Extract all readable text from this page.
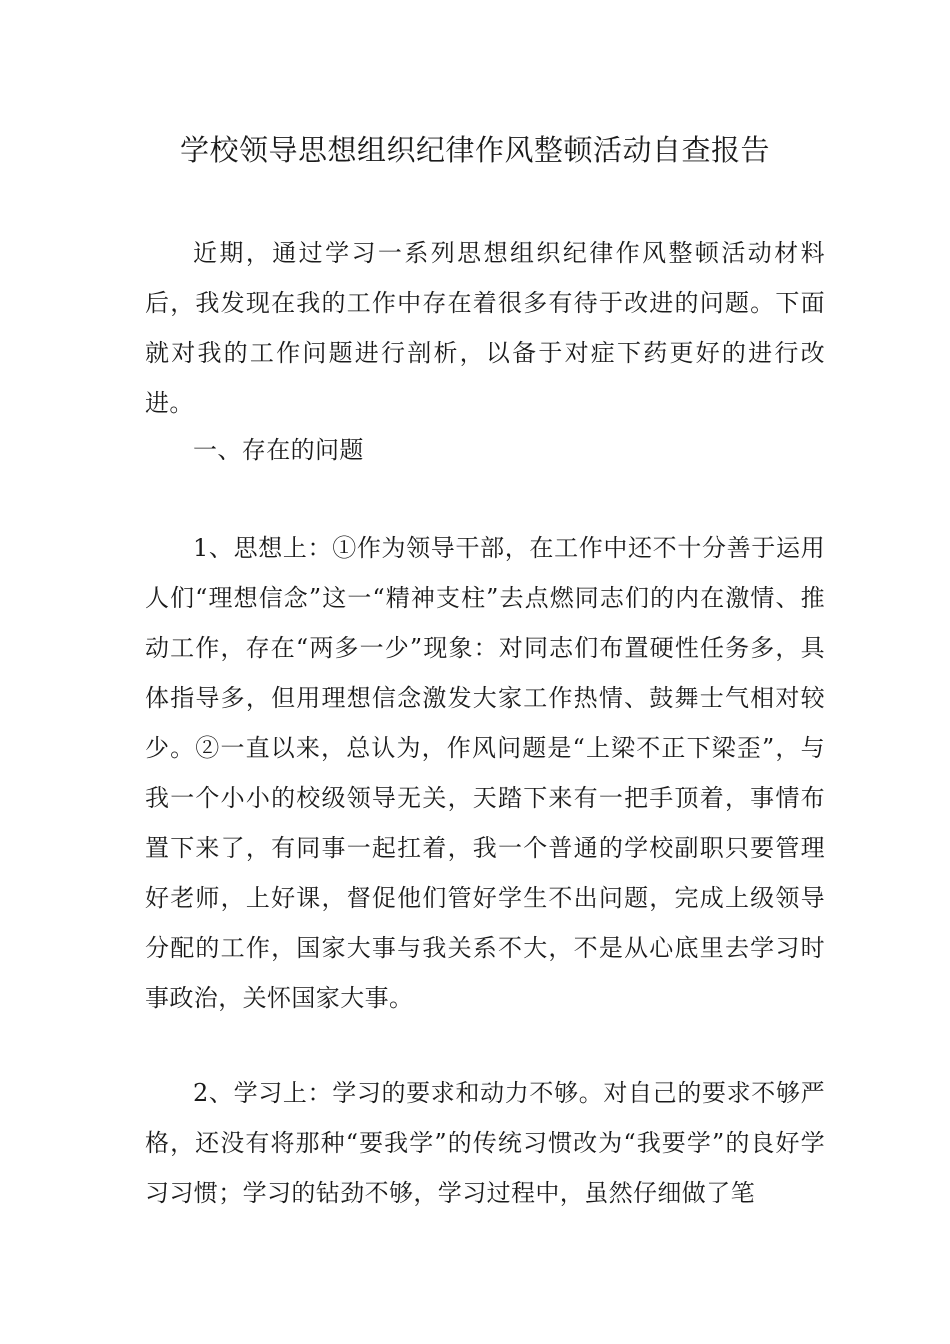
学校领导思想组织纪律作风整顿活动自查报告

近期，通过学习一系列思想组织纪律作风整顿活动材料后，我发现在我的工作中存在着很多有待于改进的问题。下面就对我的工作问题进行剖析，以备于对症下药更好的进行改进。

一、存在的问题

1、思想上：①作为领导干部，在工作中还不十分善于运用人们“理想信念”这一“精神支柱”去点燃同志们的内在激情、推动工作，存在“两多一少”现象：对同志们布置硬性任务多，具体指导多，但用理想信念激发大家工作热情、鼓舞士气相对较少。②一直以来，总认为，作风问题是“上梁不正下梁歪”，与我一个小小的校级领导无关，天踏下来有一把手顶着，事情布置下来了，有同事一起扛着，我一个普通的学校副职只要管理好老师，上好课，督促他们管好学生不出问题，完成上级领导分配的工作，国家大事与我关系不大，不是从心底里去学习时事政治，关怀国家大事。

2、学习上：学习的要求和动力不够。对自己的要求不够严格，还没有将那种“要我学”的传统习惯改为“我要学”的良好学习习惯；学习的钻劲不够，学习过程中，虽然仔细做了笔
